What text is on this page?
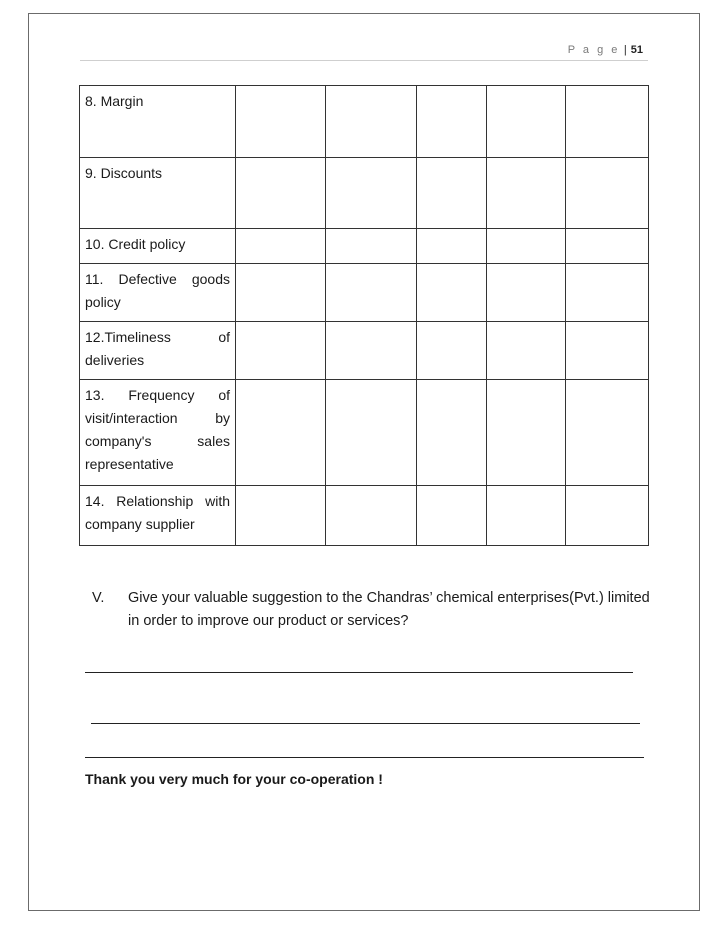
P a g e | 51
8. Margin					
9. Discounts					
10. Credit policy					
11. Defective goods policy					
12.Timeliness of deliveries					
13. Frequency of visit/interaction by company's sales representative					
14. Relationship with company supplier					
V. Give your valuable suggestion to the Chandras’ chemical enterprises(Pvt.) limited in order to improve our product or services?
Thank you very much for your co-operation !
